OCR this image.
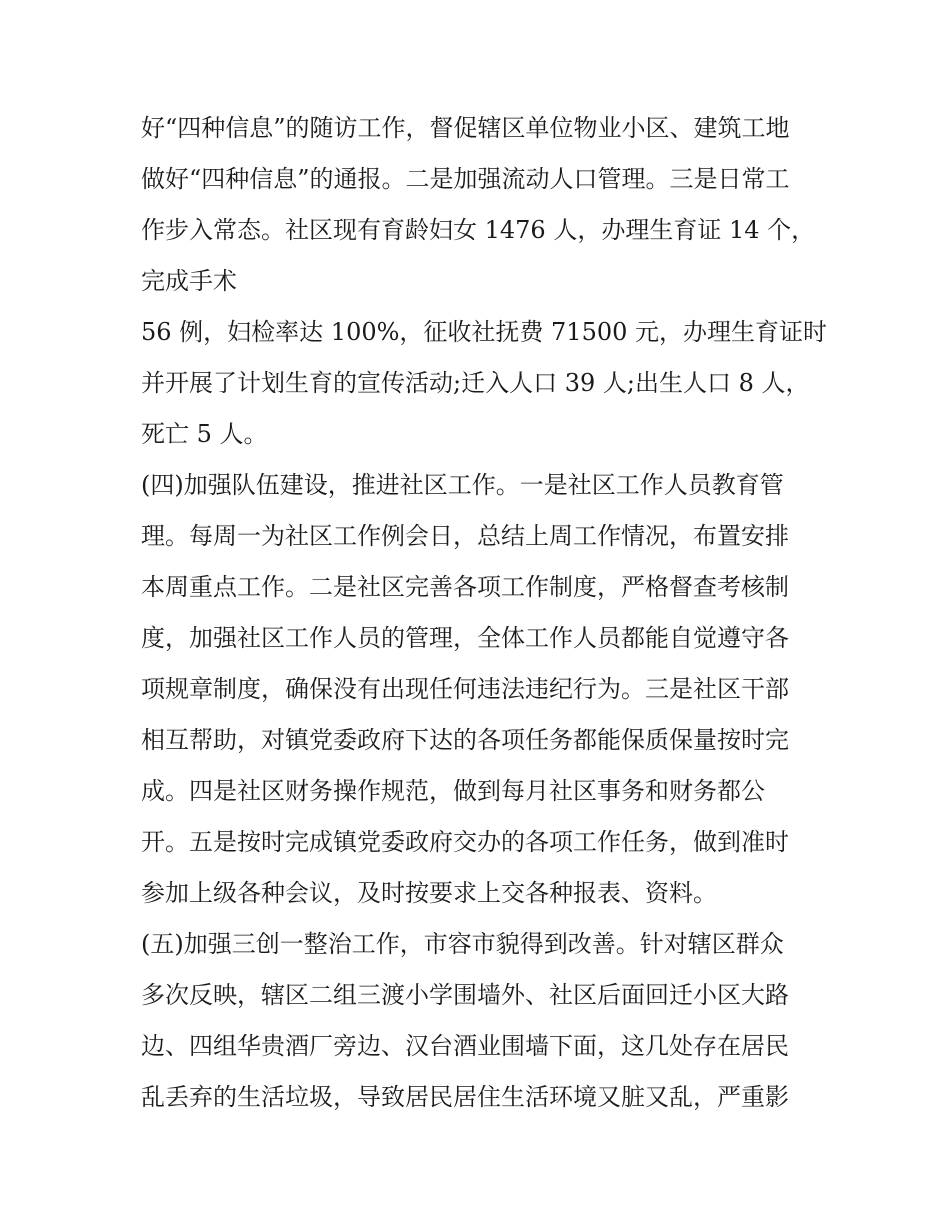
好“四种信息”的随访工作，督促辖区单位物业小区、建筑工地
做好“四种信息”的通报。二是加强流动人口管理。三是日常工
作步入常态。社区现有育龄妇女 1476 人，办理生育证 14 个，
完成手术
56 例，妇检率达 100%，征收社抚费 71500 元，办理生育证时
并开展了计划生育的宣传活动;迁入人口 39 人;出生人口 8 人，
死亡 5 人。
(四)加强队伍建设，推进社区工作。一是社区工作人员教育管
理。每周一为社区工作例会日，总结上周工作情况，布置安排
本周重点工作。二是社区完善各项工作制度，严格督查考核制
度，加强社区工作人员的管理，全体工作人员都能自觉遵守各
项规章制度，确保没有出现任何违法违纪行为。三是社区干部
相互帮助，对镇党委政府下达的各项任务都能保质保量按时完
成。四是社区财务操作规范，做到每月社区事务和财务都公
开。五是按时完成镇党委政府交办的各项工作任务，做到准时
参加上级各种会议，及时按要求上交各种报表、资料。
(五)加强三创一整治工作，市容市貌得到改善。针对辖区群众
多次反映，辖区二组三渡小学围墙外、社区后面回迁小区大路
边、四组华贵酒厂旁边、汉台酒业围墙下面，这几处存在居民
乱丢弃的生活垃圾，导致居民居住生活环境又脏又乱，严重影
